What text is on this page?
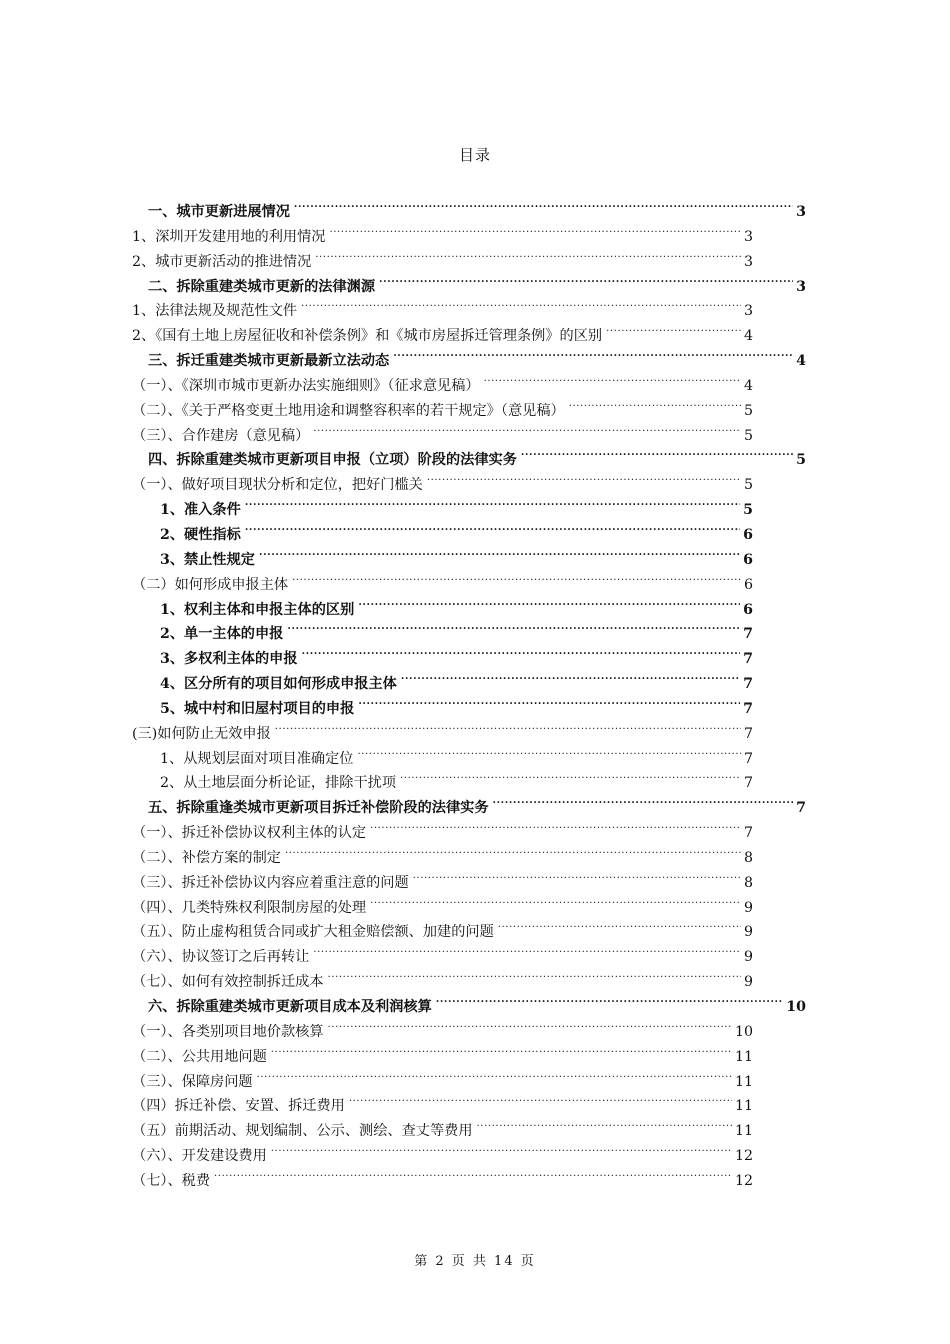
目录
一、城市更新进展情况 .....	3
1、深圳开发建用地的利用情况 .....	3
2、城市更新活动的推进情况 .....	3
二、拆除重建类城市更新的法律渊源 .....	3
1、法律法规及规范性文件 .....	3
2、《国有土地上房屋征收和补偿条例》和《城市房屋拆迁管理条例》的区别 .....	4
三、拆迁重建类城市更新最新立法动态 .....	4
（一）、《深圳市城市更新办法实施细则》（征求意见稿） .....	4
（二）、《关于严格变更土地用途和调整容积率的若干规定》（意见稿） .....	5
（三）、合作建房（意见稿） .....	5
四、拆除重建类城市更新项目申报（立项）阶段的法律实务 .....	5
（一）、做好项目现状分析和定位，把好门槛关 .....	5
1、准入条件 .....	5
2、硬性指标 .....	6
3、禁止性规定 .....	6
（二）如何形成申报主体 .....	6
1、权利主体和申报主体的区别 .....	6
2、单一主体的申报 .....	7
3、多权利主体的申报 .....	7
4、区分所有的项目如何形成申报主体 .....	7
5、城中村和旧屋村项目的申报 .....	7
(三)如何防止无效申报 .....	7
1、从规划层面对项目准确定位 .....	7
2、从土地层面分析论证，排除干扰项 .....	7
五、拆除重逢类城市更新项目拆迁补偿阶段的法律实务 .....	7
（一）、拆迁补偿协议权利主体的认定 .....	7
（二）、补偿方案的制定 .....	8
（三）、拆迁补偿协议内容应着重注意的问题 .....	8
（四）、几类特殊权利限制房屋的处理 .....	9
（五）、防止虚构租赁合同或扩大租金赔偿额、加建的问题 .....	9
（六）、协议签订之后再转让 .....	9
（七）、如何有效控制拆迁成本 .....	9
六、拆除重建类城市更新项目成本及利润核算 .....	10
（一）、各类别项目地价款核算 .....	10
（二）、公共用地问题 .....	11
（三）、保障房问题 .....	11
（四）拆迁补偿、安置、拆迁费用 .....	11
（五）前期活动、规划编制、公示、测绘、查丈等费用 .....	11
（六）、开发建设费用 .....	12
（七）、税费 .....	12
第 2 页 共 14 页
